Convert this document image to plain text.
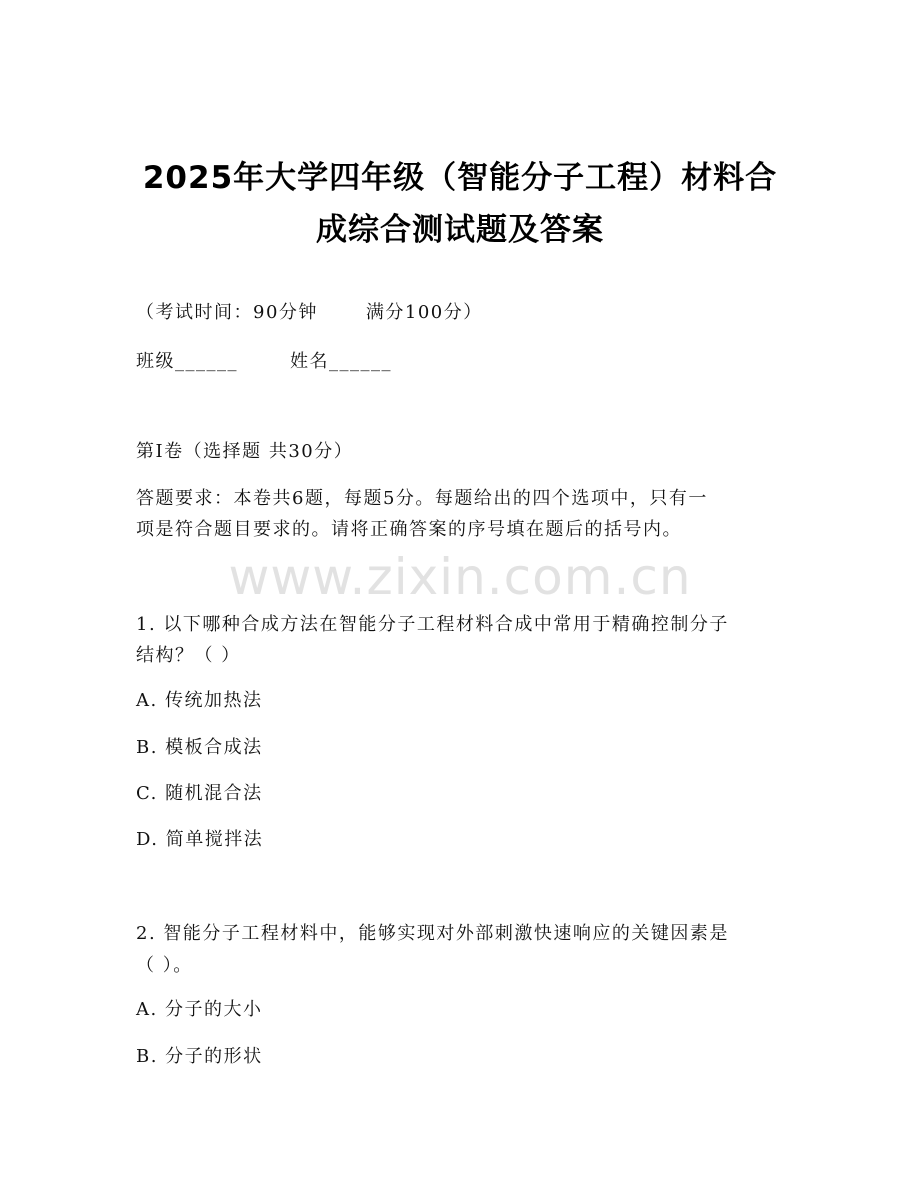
2025年大学四年级（智能分子工程）材料合
成综合测试题及答案
（考试时间：90分钟	满分100分）
班级______	姓名______
第I卷（选择题 共30分）
答题要求：本卷共6题，每题5分。每题给出的四个选项中，只有一
项是符合题目要求的。请将正确答案的序号填在题后的括号内。
www.zixin.com.cn
1. 以下哪种合成方法在智能分子工程材料合成中常用于精确控制分子
结构？（ ）
A. 传统加热法
B. 模板合成法
C. 随机混合法
D. 简单搅拌法
2. 智能分子工程材料中，能够实现对外部刺激快速响应的关键因素是
（ ）。
A. 分子的大小
B. 分子的形状
